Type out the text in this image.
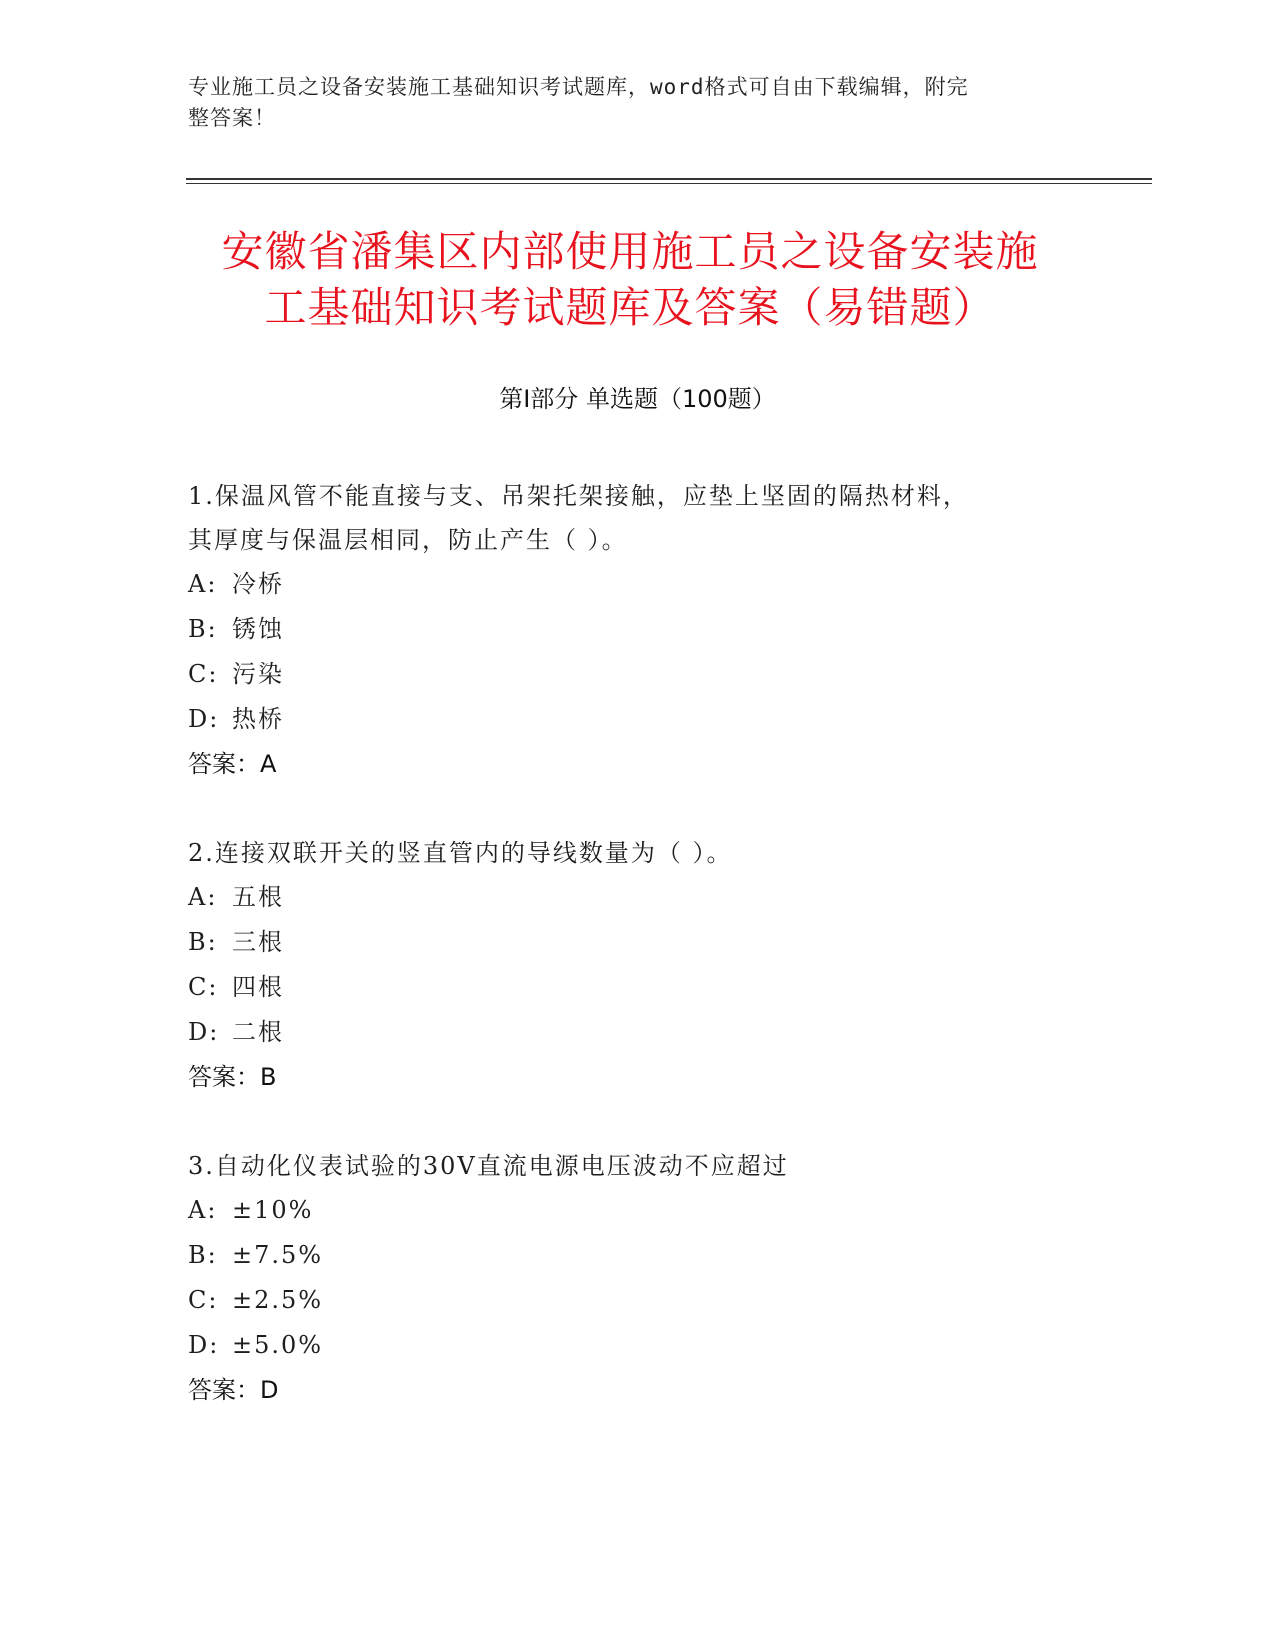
专业施工员之设备安装施工基础知识考试题库，word格式可自由下载编辑，附完
整答案！
安徽省潘集区内部使用施工员之设备安装施
工基础知识考试题库及答案（易错题）
第Ⅰ部分 单选题（100题）
1.保温风管不能直接与支、吊架托架接触，应垫上坚固的隔热材料，
其厚度与保温层相同，防止产生（ ）。
A: 冷桥
B: 锈蚀
C: 污染
D: 热桥
答案：A
2.连接双联开关的竖直管内的导线数量为（ ）。
A: 五根
B: 三根
C: 四根
D: 二根
答案：B
3.自动化仪表试验的30V直流电源电压波动不应超过
A: ±10%
B: ±7.5%
C: ±2.5%
D: ±5.0%
答案：D
